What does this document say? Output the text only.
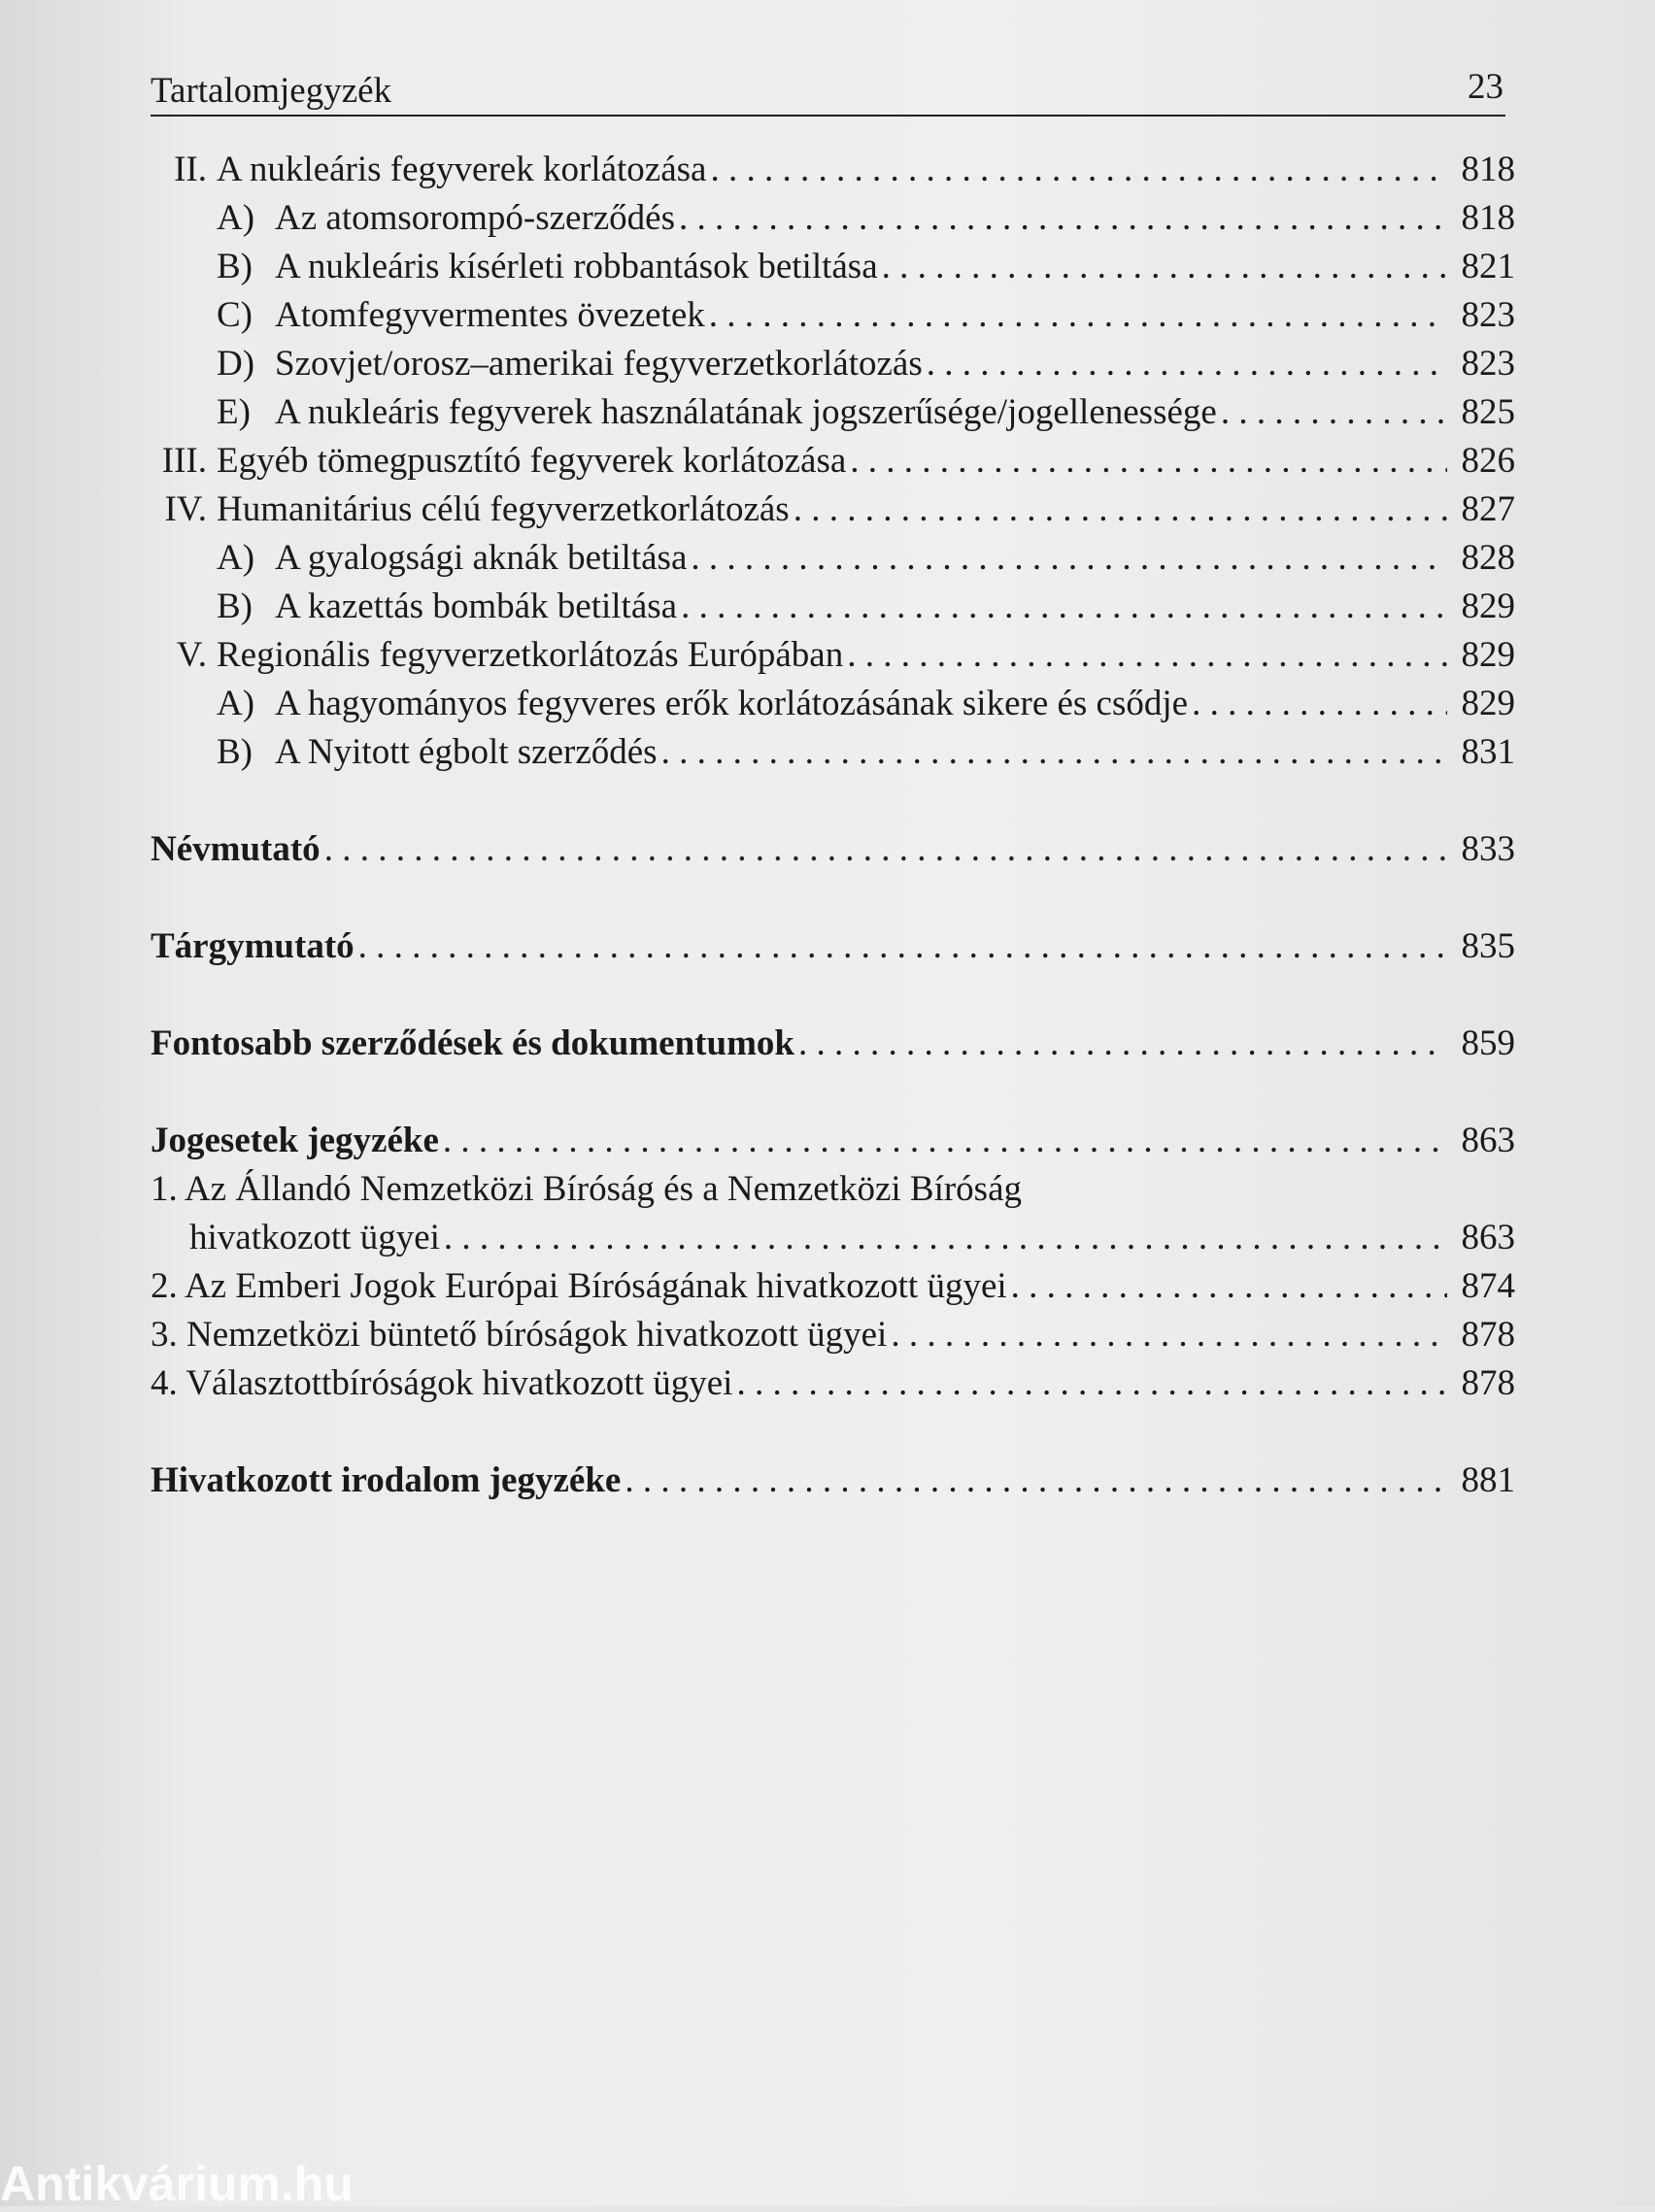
Tartalomjegyzék	23
II. A nukleáris fegyverek korlátozása . . .	818
A) Az atomsorompó-szerződés . . .	818
B) A nukleáris kísérleti robbantások betiltása . . .	821
C) Atomfegyvermentes övezetek . . .	823
D) Szovjet/orosz–amerikai fegyverzetkorlátozás . . .	823
E) A nukleáris fegyverek használatának jogszerűsége/jogellenessége . . .	825
III. Egyéb tömegpusztító fegyverek korlátozása . . .	826
IV. Humanitárius célú fegyverzetkorlátozás . . .	827
A) A gyalogsági aknák betiltása . . .	828
B) A kazettás bombák betiltása . . .	829
V. Regionális fegyverzetkorlátozás Európában . . .	829
A) A hagyományos fegyveres erők korlátozásának sikere és csődje . . .	829
B) A Nyitott égbolt szerződés . . .	831
Névmutató . . .	833
Tárgymutató . . .	835
Fontosabb szerződések és dokumentumok . . .	859
Jogesetek jegyzéke . . .	863
1. Az Állandó Nemzetközi Bíróság és a Nemzetközi Bíróság
hivatkozott ügyei . . .	863
2. Az Emberi Jogok Európai Bíróságának hivatkozott ügyei . . .	874
3. Nemzetközi büntető bíróságok hivatkozott ügyei . . .	878
4. Választottbíróságok hivatkozott ügyei . . .	878
Hivatkozott irodalom jegyzéke . . .	881
Antikvárium.hu
